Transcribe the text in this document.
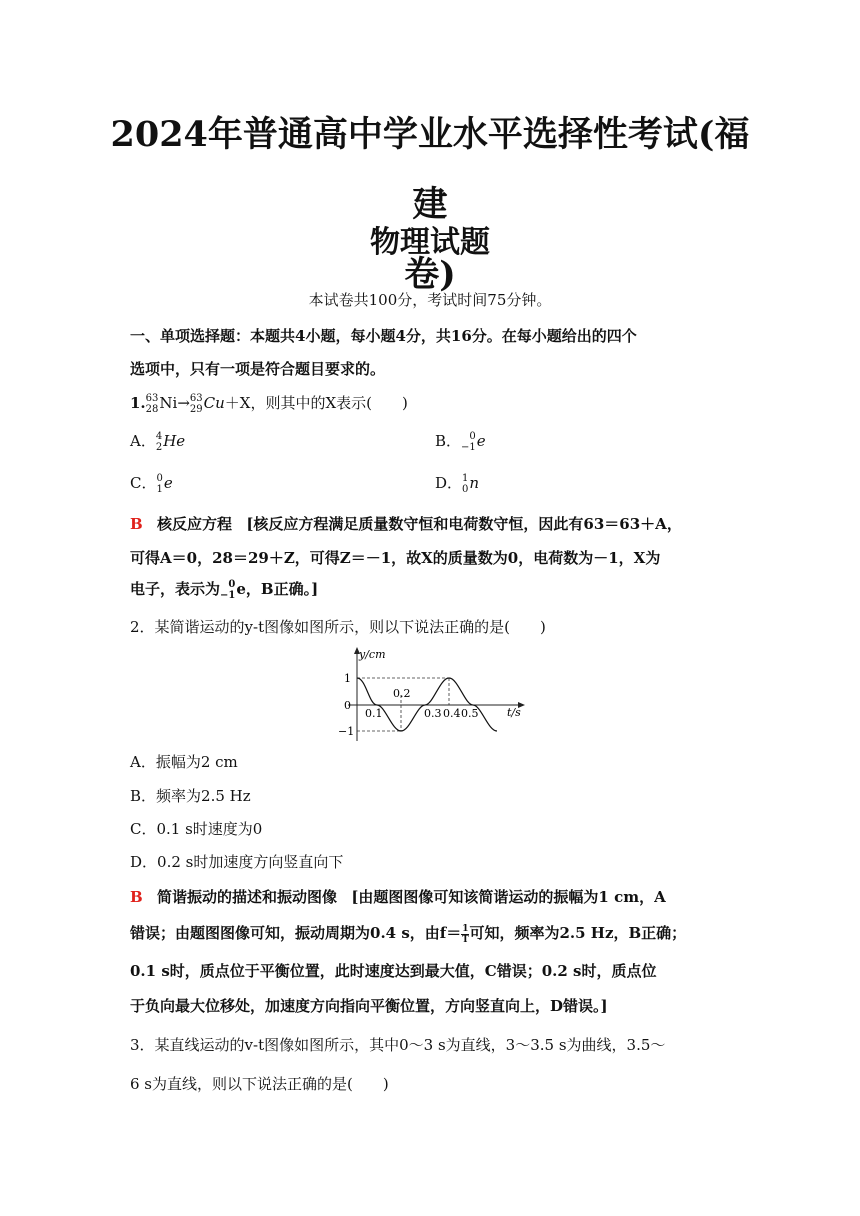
2024年普通高中学业水平选择性考试(福建
卷)
物理试题
本试卷共100分，考试时间75分钟。
一、单项选择题：本题共4小题，每小题4分，共16分。在每小题给出的四个
选项中，只有一项是符合题目要求的。
1. 63
28 Ni→ 63
29 Cu＋X，则其中的X表示(　　)
A． 4
2 He	B． 0
−1 e
C． 0
1 e	D． 1
0 n
B 核反应方程 [核反应方程满足质量数守恒和电荷数守恒，因此有63＝63＋A，
可得A＝0，28＝29＋Z，可得Z＝－1，故X的质量数为0，电荷数为－1，X为
电子，表示为 0
−1 e，B正确。]
2．某简谐运动的y-t图像如图所示，则以下说法正确的是(　　)
y/cm
t/s
1
0
−1
0.1
0.2
0.3 0.4 0.5
A．振幅为2 cm
B．频率为2.5 Hz
C．0.1 s时速度为0
D．0.2 s时加速度方向竖直向下
B 简谐振动的描述和振动图像 [由题图图像可知该简谐运动的振幅为1 cm，A
错误；由题图图像可知，振动周期为0.4 s，由$f= \frac{1}{T}$ 可知，频率为2.5 Hz，B正确；
0.1 s时，质点位于平衡位置，此时速度达到最大值，C错误；0.2 s时，质点位
于负向最大位移处，加速度方向指向平衡位置，方向竖直向上，D错误。]
3．某直线运动的v-t图像如图所示，其中0～3 s为直线，3～3.5 s为曲线，3.5～
6 s为直线，则以下说法正确的是(　　)
